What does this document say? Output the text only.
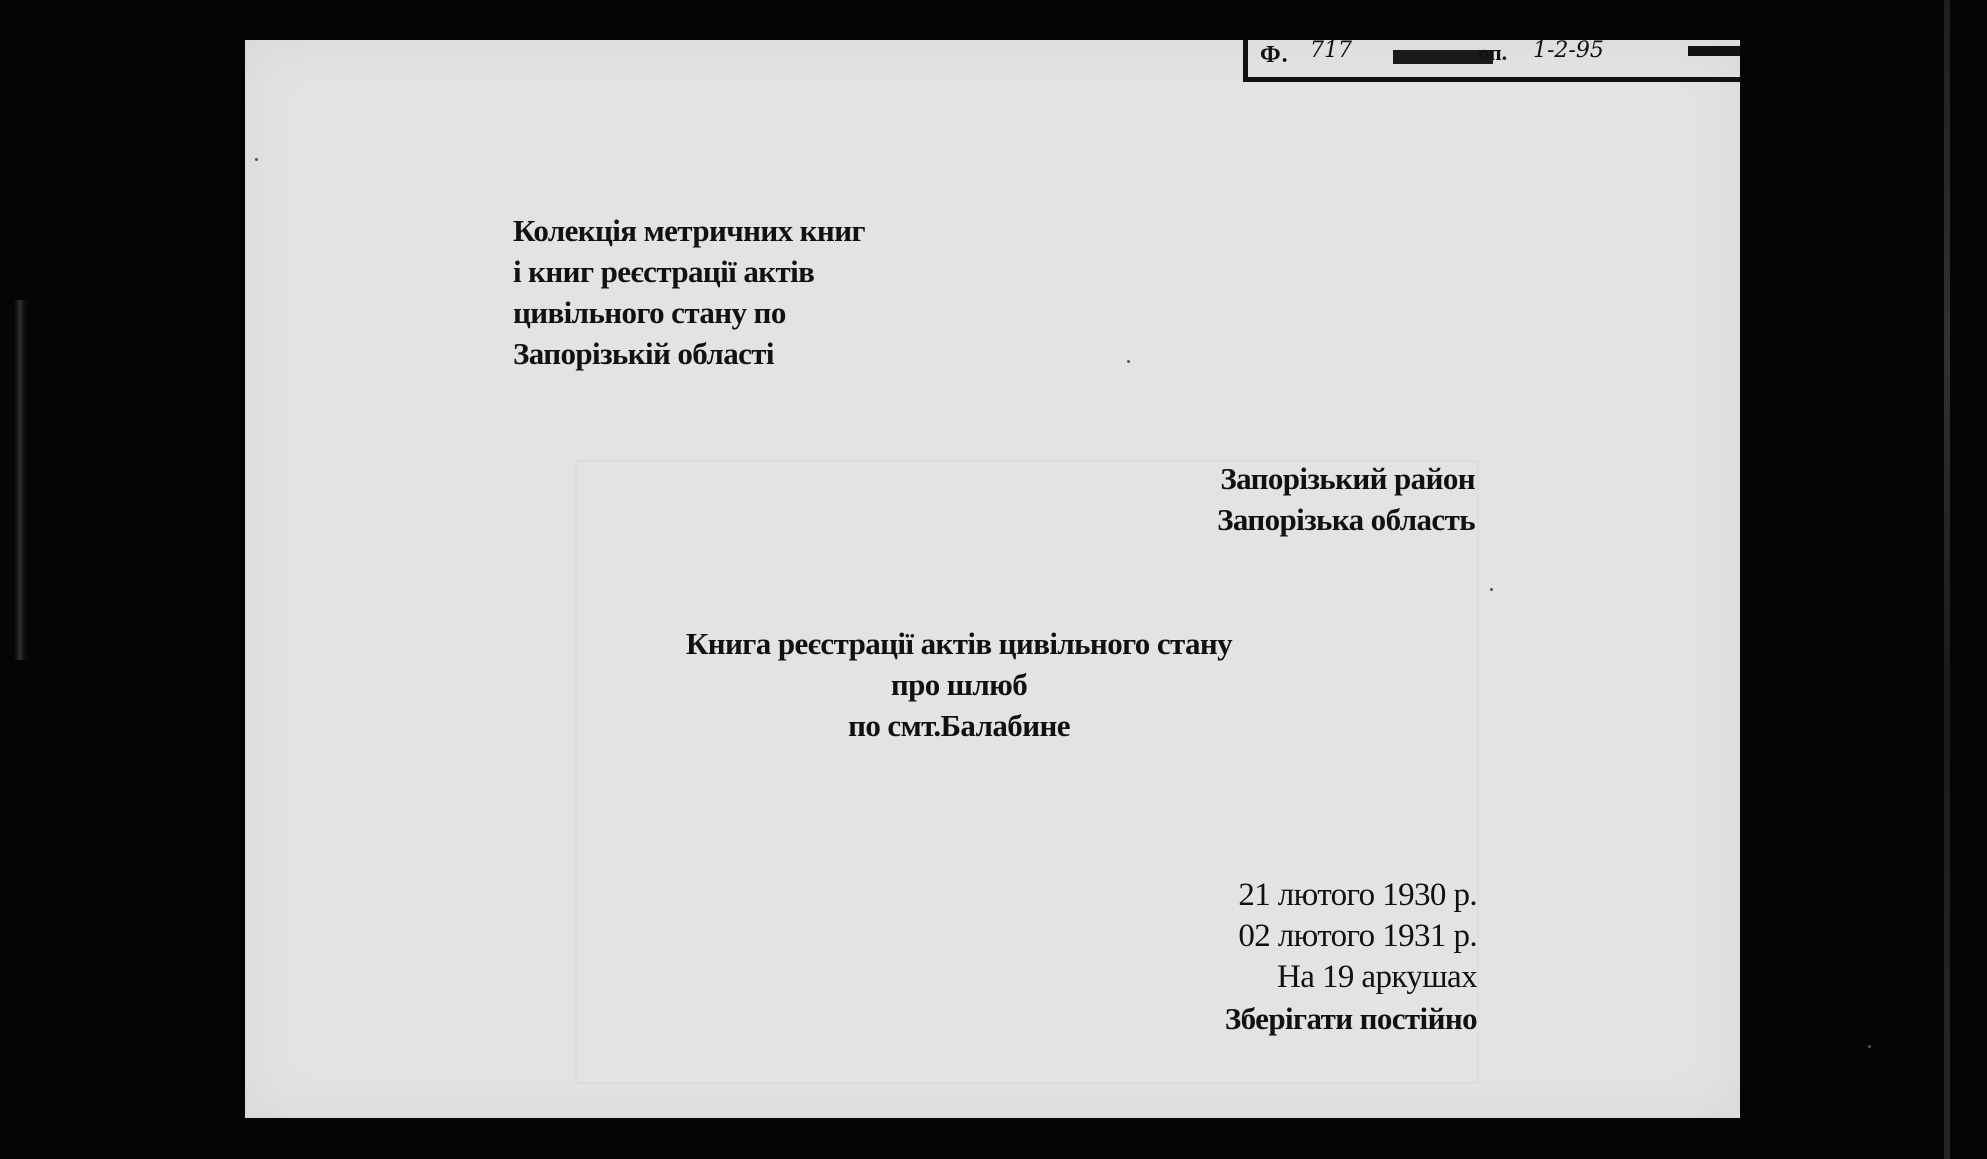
Ф. 717	оп. 1-2-95
Колекція метричних книг
і книг реєстрації актів
цивільного стану по
Запорізькій області
Запорізький район
Запорізька область
Книга реєстрації актів цивільного стану
про шлюб
по смт.Балабине
21 лютого 1930 р.
02 лютого 1931 р.
На 19 аркушах
Зберігати постійно
